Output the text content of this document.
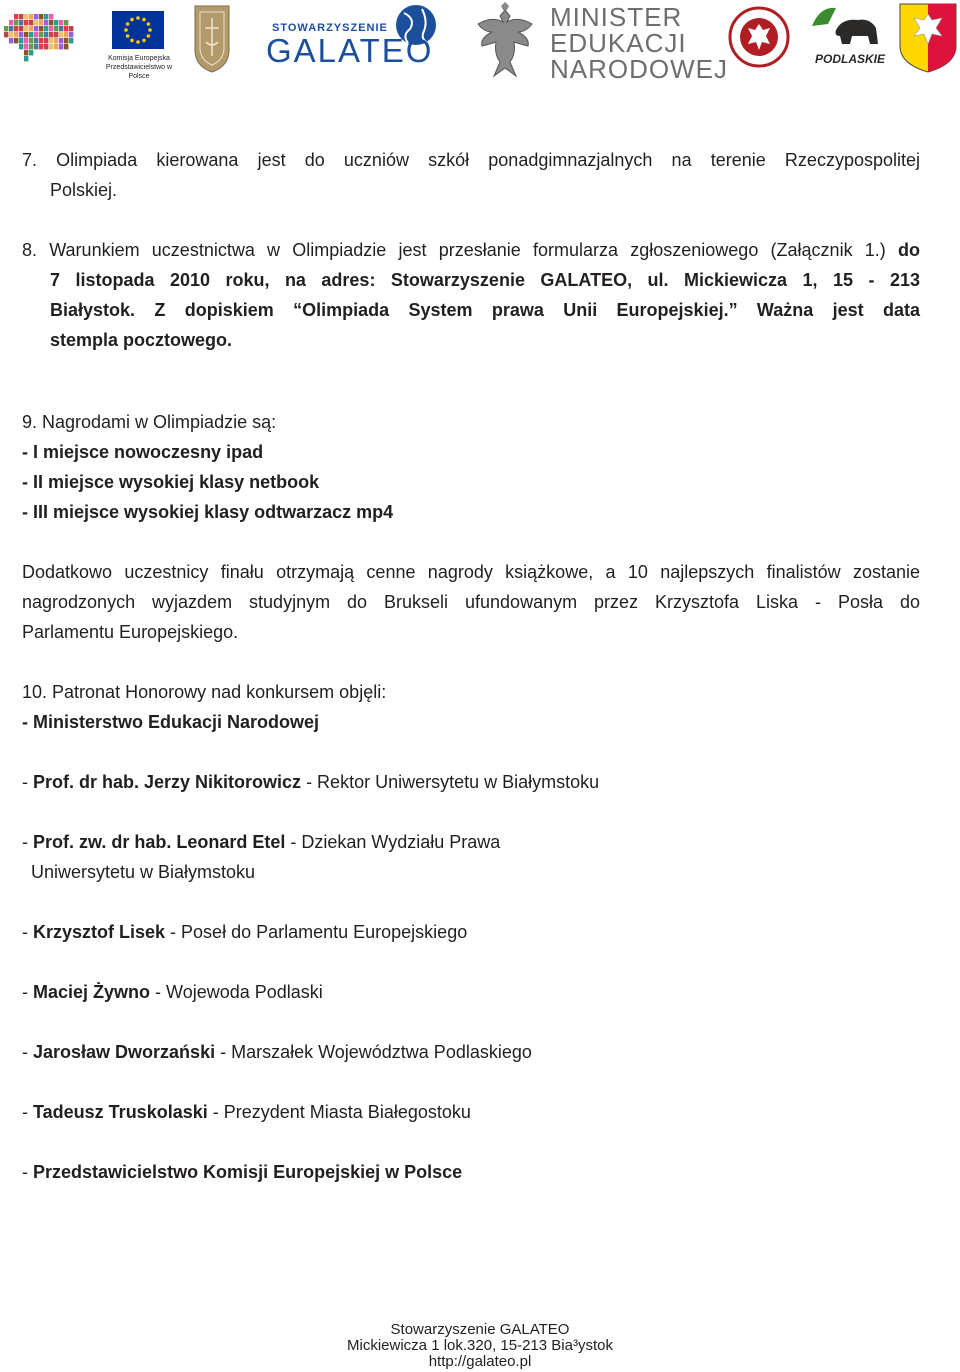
Komisja Europejska
Przedstawicielstwo w Polsce
STOWARZYSZENIE
GALATEO
MINISTER
EDUKACJI
NARODOWEJ	PODLASKIE
7. Olimpiada kierowana jest do uczniów szkół ponadgimnazjalnych na terenie Rzeczypospolitej
Polskiej.
8. Warunkiem uczestnictwa w Olimpiadzie jest przesłanie formularza zgłoszeniowego (Załącznik 1.) do
7 listopada 2010 roku, na adres: Stowarzyszenie GALATEO, ul. Mickiewicza 1, 15 - 213
Białystok. Z dopiskiem “Olimpiada System prawa Unii Europejskiej.” Ważna jest data
stempla pocztowego.
9. Nagrodami w Olimpiadzie są:
- I miejsce nowoczesny ipad
- II miejsce wysokiej klasy netbook
- III miejsce wysokiej klasy odtwarzacz mp4
Dodatkowo uczestnicy finału otrzymają cenne nagrody książkowe, a 10 najlepszych finalistów zostanie
nagrodzonych wyjazdem studyjnym do Brukseli ufundowanym przez Krzysztofa Liska - Posła do
Parlamentu Europejskiego.
10. Patronat Honorowy nad konkursem objęli:
- Ministerstwo Edukacji Narodowej
- Prof. dr hab. Jerzy Nikitorowicz - Rektor Uniwersytetu w Białymstoku
- Prof. zw. dr hab. Leonard Etel - Dziekan Wydziału Prawa
Uniwersytetu w Białymstoku
- Krzysztof Lisek - Poseł do Parlamentu Europejskiego
- Maciej Żywno - Wojewoda Podlaski
- Jarosław Dworzański - Marszałek Województwa Podlaskiego
- Tadeusz Truskolaski - Prezydent Miasta Białegostoku
- Przedstawicielstwo Komisji Europejskiej w Polsce
Stowarzyszenie GALATEO
Mickiewicza 1 lok.320, 15-213 Bia³ystok
http://galateo.pl
